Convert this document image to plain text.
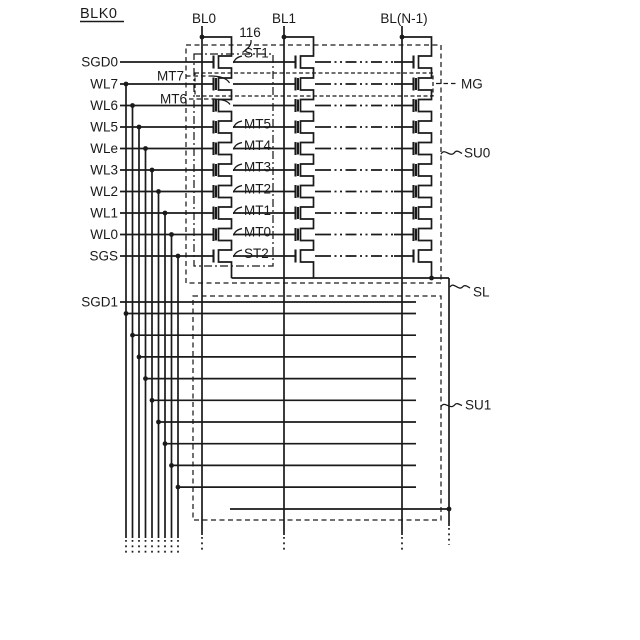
BLK0	BL0	BL1	BL(N-1)
116
SGD0
WL7
WL6
WL5
WLe
WL3
WL2
WL1
WL0
SGS
SGD1
ST1
MT7
MT6
MT5
MT4
MT3
MT2
MT1
MT0
ST2
MG
SU0
SL
SU1
